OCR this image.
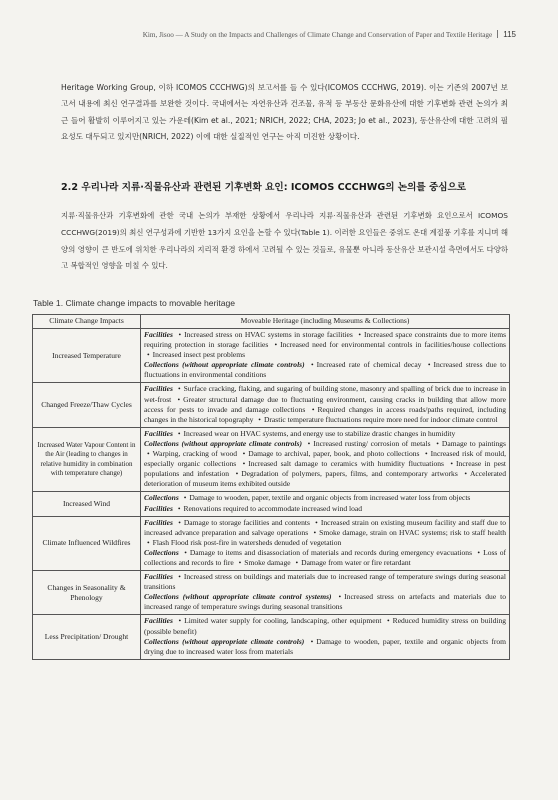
Kim, Jisoo — A Study on the Impacts and Challenges of Climate Change and Conservation of Paper and Textile Heritage 115

Heritage Working Group, 이하 ICOMOS CCCHWG)의 보고서를 들 수 있다(ICOMOS CCCHWG, 2019). 이는 기존의 2007년 보고서 내용에 최신 연구결과를 보완한 것이다. 국내에서는 자연유산과 건조물, 유적 등 부동산 문화유산에 대한 기후변화 관련 논의가 최근 들어 활발히 이루어지고 있는 가운데(Kim et al., 2021; NRICH, 2022; CHA, 2023; Jo et al., 2023), 동산유산에 대한 고려의 필요성도 대두되고 있지만(NRICH, 2022) 이에 대한 실질적인 연구는 아직 미진한 상황이다.

2.2 우리나라 지류·직물유산과 관련된 기후변화 요인: ICOMOS CCCHWG의 논의를 중심으로

지류·직물유산과 기후변화에 관한 국내 논의가 부재한 상황에서 우리나라 지류·직물유산과 관련된 기후변화 요인으로서 ICOMOS CCCHWG(2019)의 최신 연구성과에 기반한 13가지 요인을 논할 수 있다(Table 1). 이러한 요인들은 중위도 온대 계절풍 기후를 지니며 해양의 영향이 큰 반도에 위치한 우리나라의 지리적 환경 하에서 고려될 수 있는 것들로, 유물뿐 아니라 동산유산 보관시설 측면에서도 다양하고 복합적인 영향을 미칠 수 있다.

Table 1. Climate change impacts to movable heritage
Climate Change Impacts	Moveable Heritage (including Museums & Collections)
Increased Temperature	Facilities • Increased stress on HVAC systems in storage facilities • Increased space constraints due to more items requiring protection in storage facilities • Increased need for environmental controls in facilities/house collections • Increased insect pest problems
Collections (without appropriate climate controls) • Increased rate of chemical decay • Increased stress due to fluctuations in environmental conditions

Changed Freeze/Thaw Cycles	Facilities • Surface cracking, flaking, and sugaring of building stone, masonry and spalling of brick due to increase in wet-frost • Greater structural damage due to fluctuating environment, causing cracks in building that allow more access for pests to invade and damage collections • Required changes in access roads/paths required, including changes in the historical topography • Drastic temperature fluctuations require more need for indoor climate control

Increased Water Vapour Content in the Air (leading to changes in relative humidity in combination with temperature change)	Facilities • Increased wear on HVAC systems, and energy use to stabilize drastic changes in humidity
Collections (without appropriate climate controls) • Increased rusting/ corrosion of metals • Damage to paintings • Warping, cracking of wood • Damage to archival, paper, book, and photo collections • Increased risk of mould, especially organic collections • Increased salt damage to ceramics with humidity fluctuations • Increase in pest populations and infestation • Degradation of polymers, papers, films, and contemporary artworks • Accelerated deterioration of museum items exhibited outside

Increased Wind	Collections • Damage to wooden, paper, textile and organic objects from increased water loss from objects
Facilities • Renovations required to accommodate increased wind load

Climate Influenced Wildfires	Facilities • Damage to storage facilities and contents • Increased strain on existing museum facility and staff due to increased advance preparation and salvage operations • Smoke damage, strain on HVAC systems; risk to staff health • Flash Flood risk post-fire in watersheds denuded of vegetation
Collections • Damage to items and disassociation of materials and records during emergency evacuations • Loss of collections and records to fire • Smoke damage • Damage from water or fire retardant

Changes in Seasonality & Phenology	Facilities • Increased stress on buildings and materials due to increased range of temperature swings during seasonal transitions
Collections (without appropriate climate control systems) • Increased stress on artefacts and materials due to increased range of temperature swings during seasonal transitions

Less Precipitation/ Drought	Facilities • Limited water supply for cooling, landscaping, other equipment • Reduced humidity stress on building (possible benefit)
Collections (without appropriate climate controls) • Damage to wooden, paper, textile and organic objects from drying due to increased water loss from materials
